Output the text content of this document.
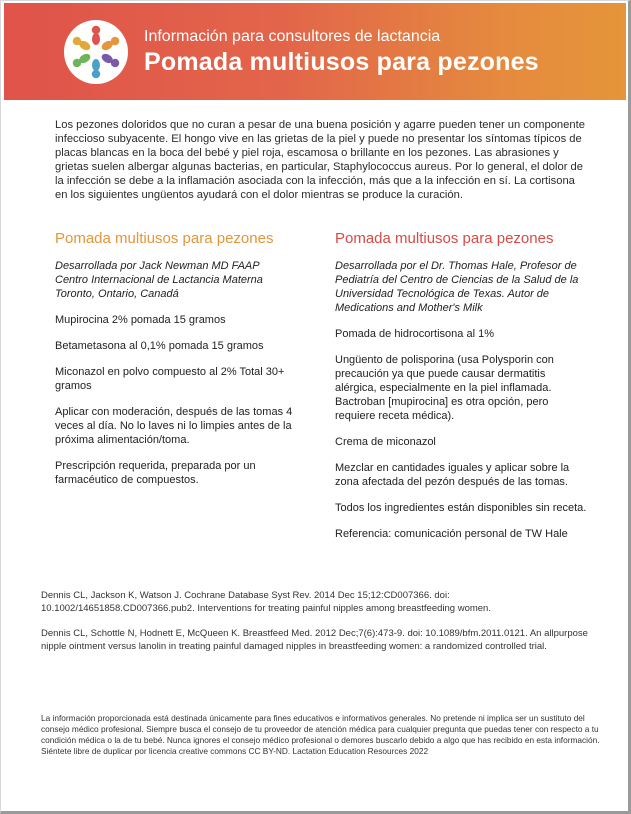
Información para consultores de lactancia
Pomada multiusos para pezones
Los pezones doloridos que no curan a pesar de una buena posición y agarre pueden tener un componente infeccioso subyacente. El hongo vive en las grietas de la piel y puede no presentar los síntomas típicos de placas blancas en la boca del bebé y piel roja, escamosa o brillante en los pezones. Las abrasiones y grietas suelen albergar algunas bacterias, en particular, Staphylococcus aureus. Por lo general, el dolor de la infección se debe a la inflamación asociada con la infección, más que a la infección en sí. La cortisona en los siguientes ungüentos ayudará con el dolor mientras se produce la curación.
Pomada multiusos para pezones

Desarrollada por Jack Newman MD FAAP Centro Internacional de Lactancia Materna Toronto, Ontario, Canadá

Mupirocina 2% pomada 15 gramos

Betametasona al 0,1% pomada 15 gramos

Miconazol en polvo compuesto al 2% Total 30+ gramos

Aplicar con moderación, después de las tomas 4 veces al día. No lo laves ni lo limpies antes de la próxima alimentación/toma.

Prescripción requerida, preparada por un farmacéutico de compuestos.

Pomada multiusos para pezones

Desarrollada por el Dr. Thomas Hale, Profesor de Pediatría del Centro de Ciencias de la Salud de la Universidad Tecnológica de Texas. Autor de Medications and Mother's Milk

Pomada de hidrocortisona al 1%

Ungüento de polisporina (usa Polysporin con precaución ya que puede causar dermatitis alérgica, especialmente en la piel inflamada. Bactroban [mupirocina] es otra opción, pero requiere receta médica).

Crema de miconazol

Mezclar en cantidades iguales y aplicar sobre la zona afectada del pezón después de las tomas.

Todos los ingredientes están disponibles sin receta.

Referencia: comunicación personal de TW Hale

Dennis CL, Jackson K, Watson J. Cochrane Database Syst Rev. 2014 Dec 15;12:CD007366. doi: 10.1002/14651858.CD007366.pub2. Interventions for treating painful nipples among breastfeeding women.

Dennis CL, Schottle N, Hodnett E, McQueen K. Breastfeed Med. 2012 Dec;7(6):473-9. doi: 10.1089/bfm.2011.0121. An allpurpose nipple ointment versus lanolin in treating painful damaged nipples in breastfeeding women: a randomized controlled trial.

La información proporcionada está destinada únicamente para fines educativos e informativos generales. No pretende ni implica ser un sustituto del consejo médico profesional. Siempre busca el consejo de tu proveedor de atención médica para cualquier pregunta que puedas tener con respecto a tu condición médica o la de tu bebé. Nunca ignores el consejo médico profesional o demores buscarlo debido a algo que has recibido en esta información. Siéntete libre de duplicar por licencia creative commons CC BY-ND. Lactation Education Resources 2022
